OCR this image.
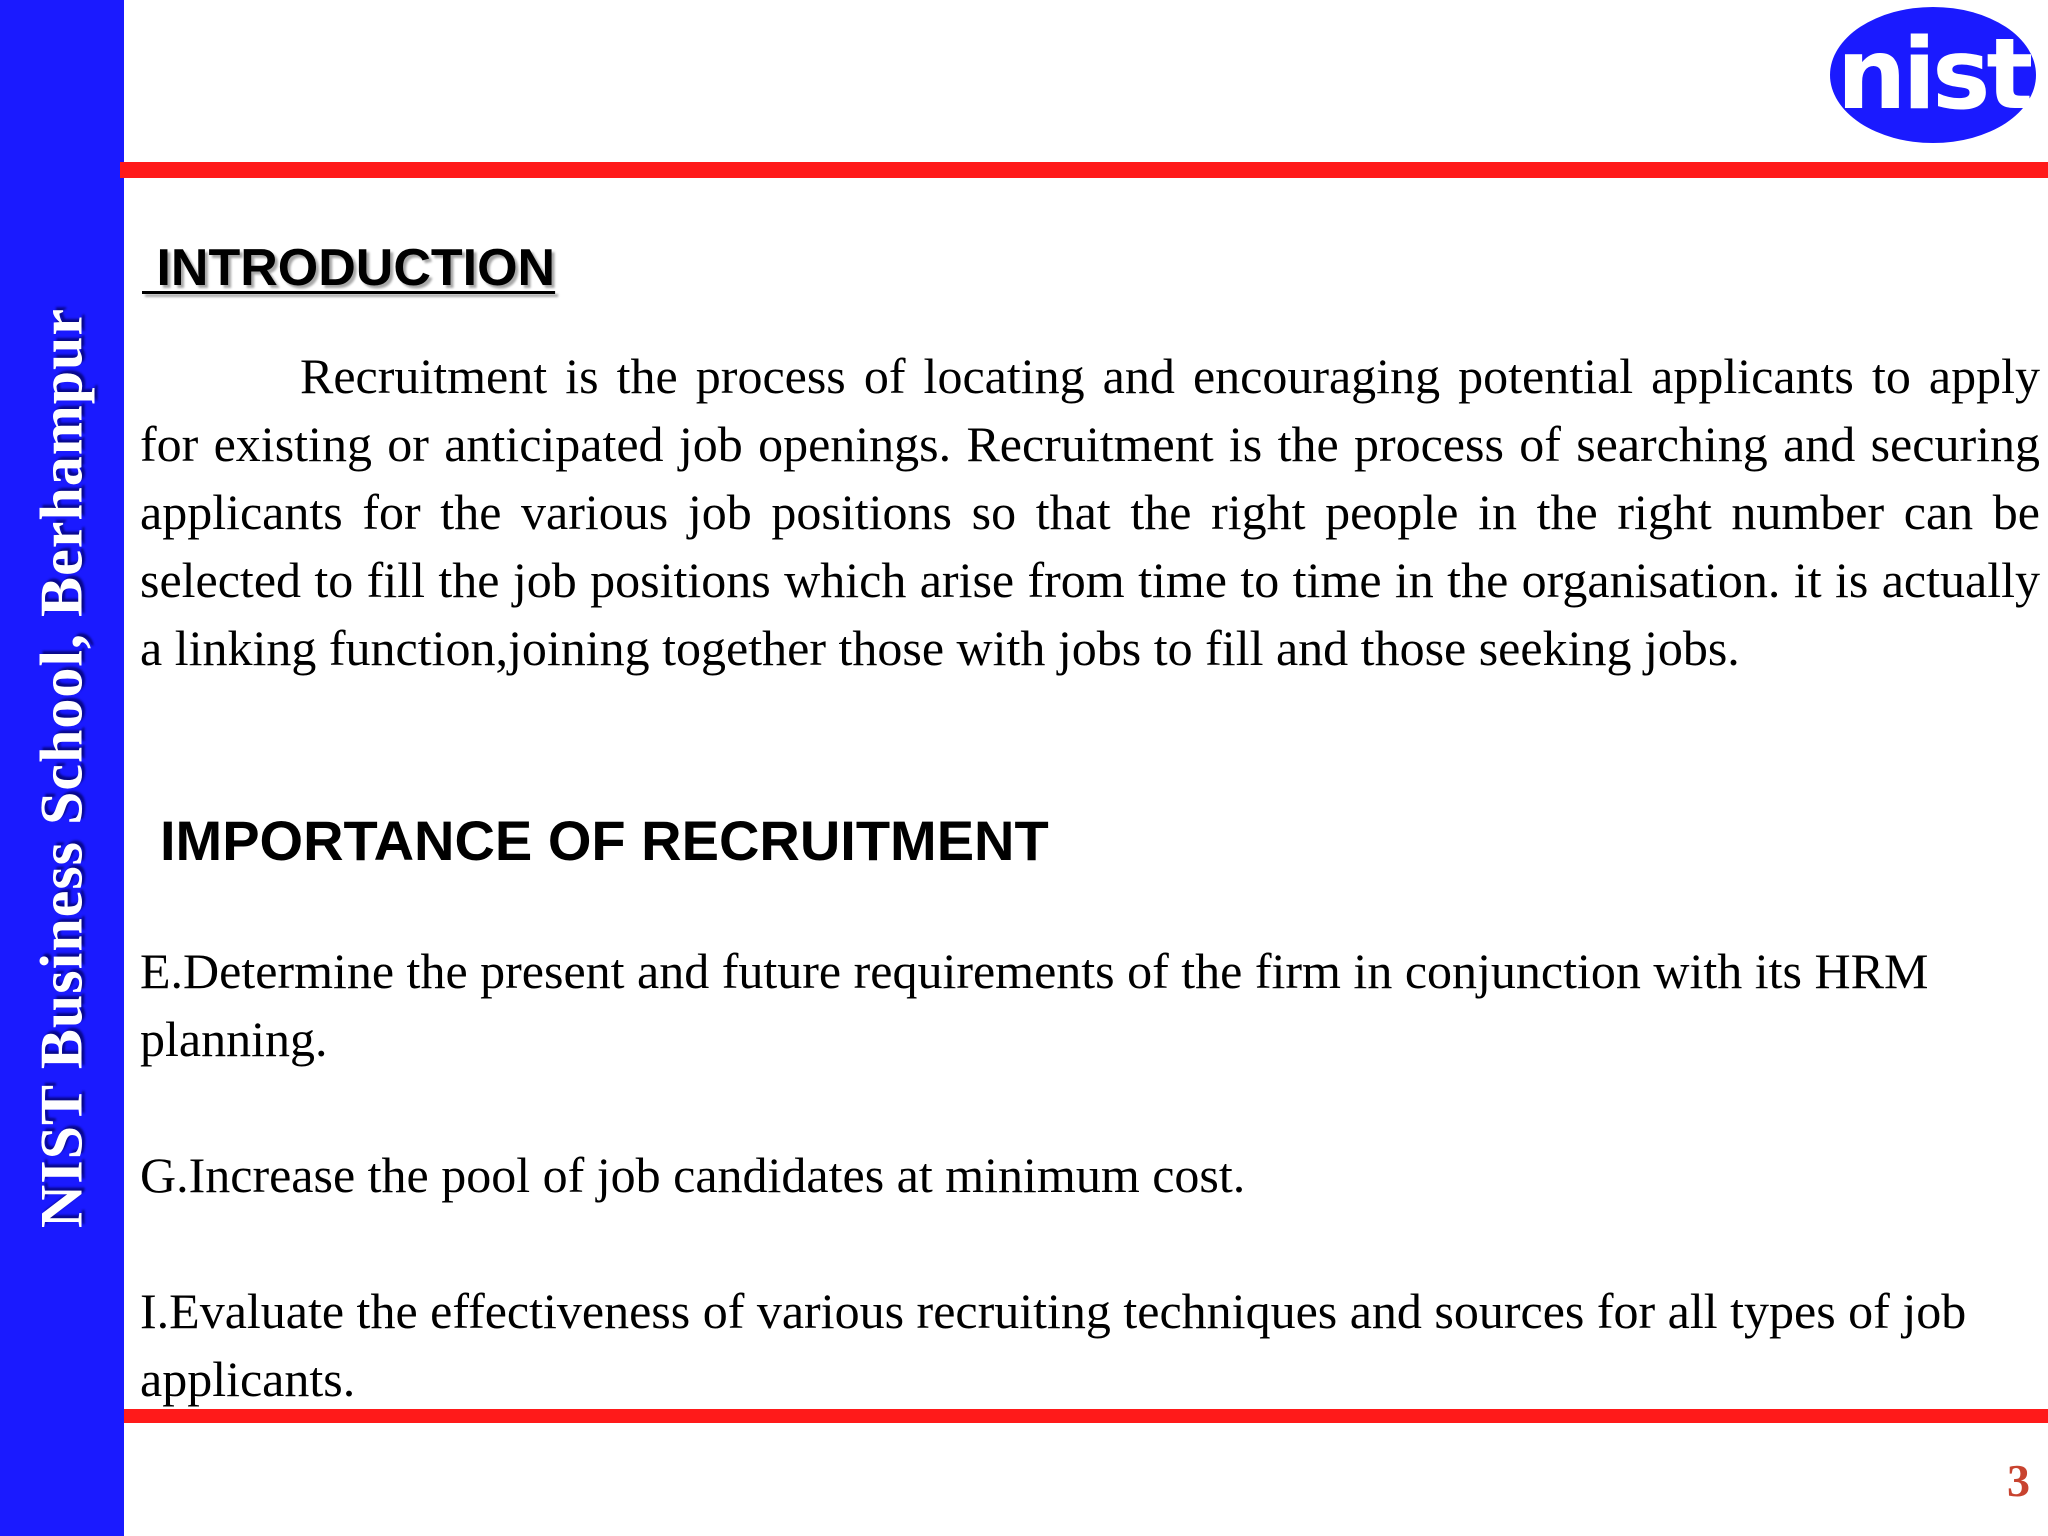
NIST Business School, Berhampur
nist
INTRODUCTION

Recruitment is the process of locating and encouraging potential applicants to apply for existing or anticipated job openings. Recruitment is the process of searching and securing applicants for the various job positions so that the right people in the right number can be selected to fill the job positions which arise from time to time in the organisation. it is actually a linking function,joining together those with jobs to fill and those seeking jobs.

IMPORTANCE OF RECRUITMENT

E.Determine the present and future requirements of the firm in conjunction with its HRM planning.

G.Increase the pool of job candidates at minimum cost.

I.Evaluate the effectiveness of various recruiting techniques and sources for all types of job applicants.

3
